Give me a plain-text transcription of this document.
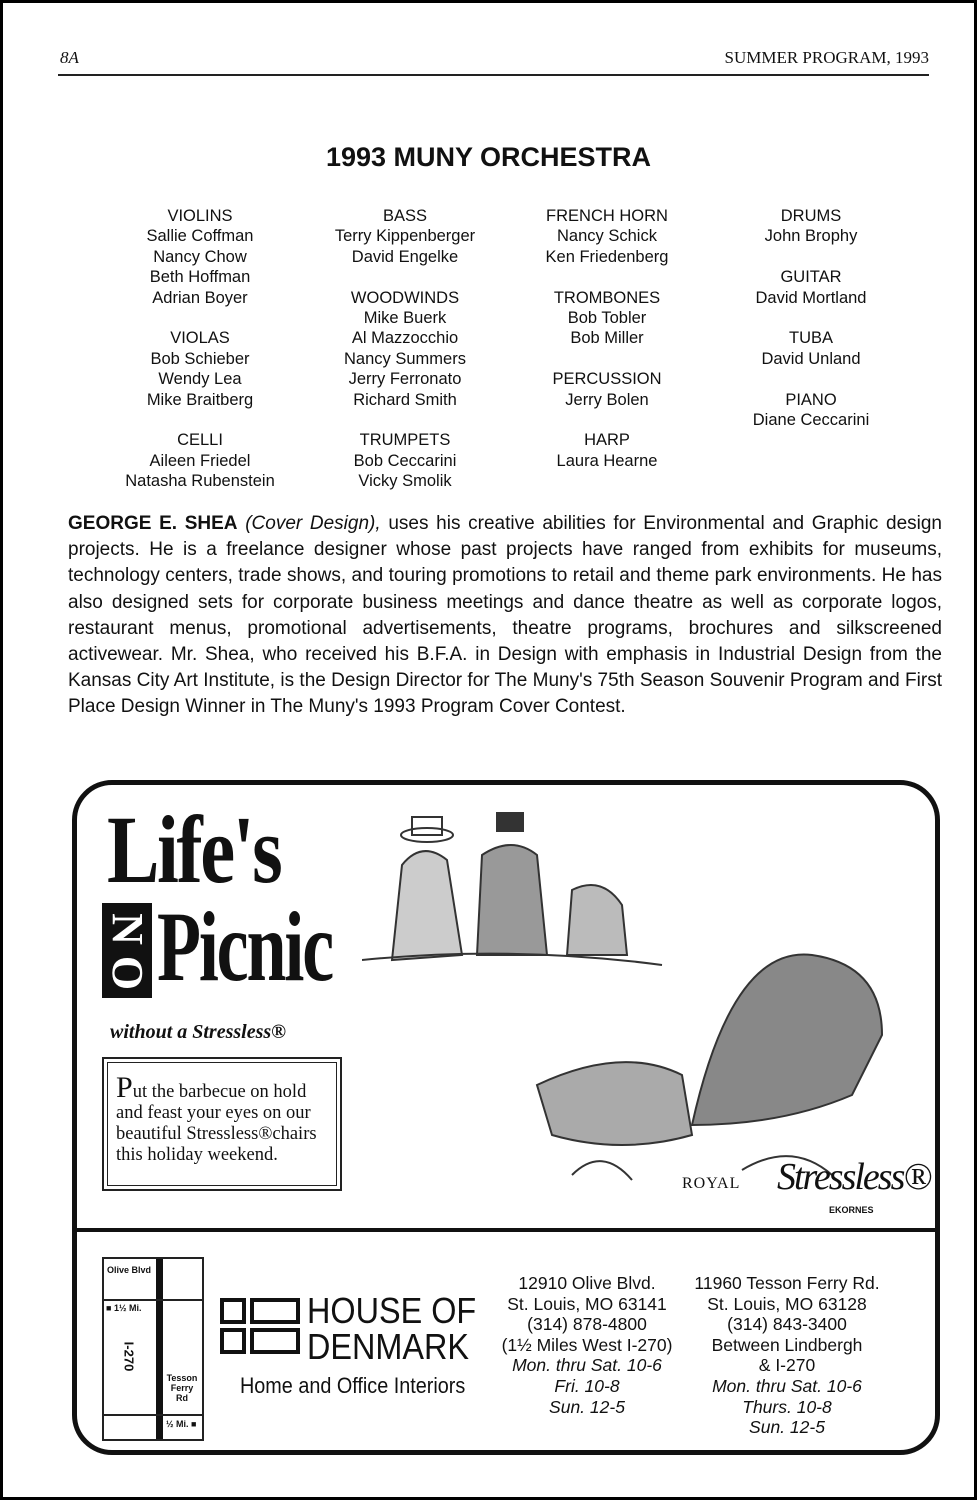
8A	SUMMER PROGRAM, 1993
1993 MUNY ORCHESTRA
VIOLINS
Sallie Coffman
Nancy Chow
Beth Hoffman
Adrian Boyer
VIOLAS
Bob Schieber
Wendy Lea
Mike Braitberg
CELLI
Aileen Friedel
Natasha Rubenstein
BASS
Terry Kippenberger
David Engelke
WOODWINDS
Mike Buerk
Al Mazzocchio
Nancy Summers
Jerry Ferronato
Richard Smith
TRUMPETS
Bob Ceccarini
Vicky Smolik
FRENCH HORN
Nancy Schick
Ken Friedenberg
TROMBONES
Bob Tobler
Bob Miller
PERCUSSION
Jerry Bolen
HARP
Laura Hearne
DRUMS
John Brophy
GUITAR
David Mortland
TUBA
David Unland
PIANO
Diane Ceccarini
GEORGE E. SHEA (Cover Design), uses his creative abilities for Environmental and Graphic design projects. He is a freelance designer whose past projects have ranged from exhibits for museums, technology centers, trade shows, and touring promotions to retail and theme park environments. He has also designed sets for corporate business meetings and dance theatre as well as corporate logos, restaurant menus, promotional advertisements, theatre programs, brochures and silkscreened activewear. Mr. Shea, who received his B.F.A. in Design with emphasis in Industrial Design from the Kansas City Art Institute, is the Design Director for The Muny's 75th Season Souvenir Program and First Place Design Winner in The Muny's 1993 Program Cover Contest.
Life's
N
O Picnic
without a Stressless®
Put the barbecue on hold and feast your eyes on our beautiful Stressless®chairs this holiday weekend.
ROYAL Stressless®
EKORNES
Olive Blvd
■ 1½ Mi.
I-270
Tesson Ferry Rd
½ Mi. ■
HOUSE OF
DENMARK
Home and Office Interiors
12910 Olive Blvd.
St. Louis, MO 63141
(314) 878-4800
(1½ Miles West I-270)
Mon. thru Sat. 10-6
Fri. 10-8
Sun. 12-5
11960 Tesson Ferry Rd.
St. Louis, MO 63128
(314) 843-3400
Between Lindbergh
& I-270
Mon. thru Sat. 10-6
Thurs. 10-8
Sun. 12-5
